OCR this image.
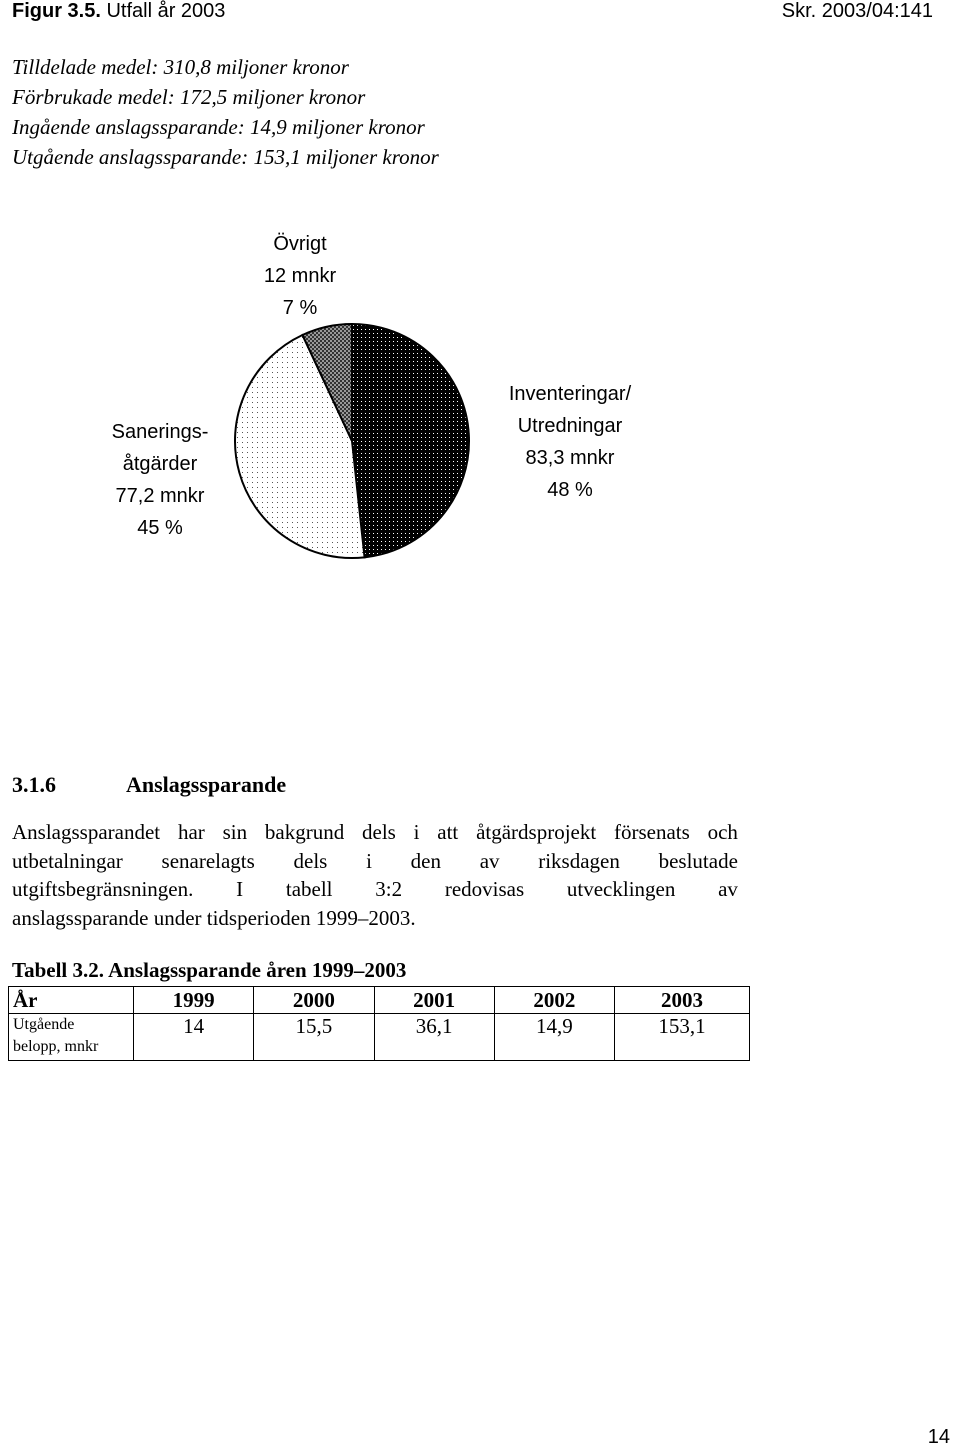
Figur 3.5. Utfall år 2003	Skr. 2003/04:141
Tilldelade medel: 310,8 miljoner kronor
Förbrukade medel: 172,5 miljoner kronor
Ingående anslagssparande: 14,9 miljoner kronor
Utgående anslagssparande: 153,1 miljoner kronor
Övrigt
12 mnkr
7 %
Sanerings-
åtgärder
77,2 mnkr
45 %
Inventeringar/
Utredningar
83,3 mnkr
48 %
3.1.6	Anslagssparande
Anslagssparandet har sin bakgrund dels i att åtgärdsprojekt försenats och
utbetalningar senarelagts dels i den av riksdagen beslutade
utgiftsbegränsningen. I tabell 3:2 redovisas utvecklingen av
anslagssparande under tidsperioden 1999–2003.
Tabell 3.2. Anslagssparande åren 1999–2003
År	1999	2000	2001	2002	2003

Utgående
belopp, mnkr	14	15,5	36,1	14,9	153,1
14
